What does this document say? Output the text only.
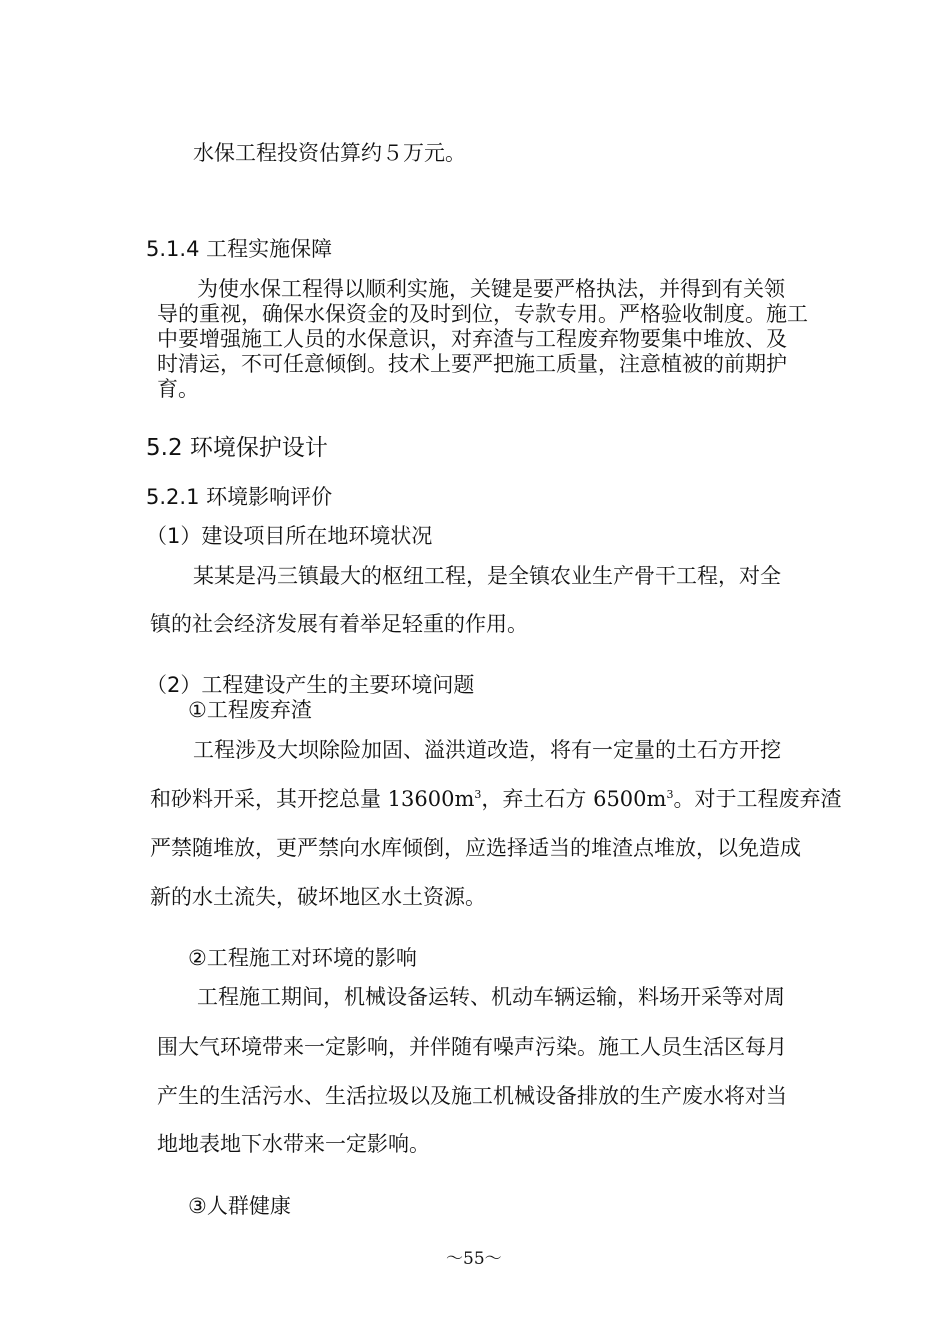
水保工程投资估算约５万元。
5.1.4 工程实施保障
为使水保工程得以顺利实施，关键是要严格执法，并得到有关领
导的重视，确保水保资金的及时到位，专款专用。严格验收制度。施工
中要增强施工人员的水保意识，对弃渣与工程废弃物要集中堆放、及
时清运，不可任意倾倒。技术上要严把施工质量，注意植被的前期护
育。
5.2 环境保护设计
5.2.1 环境影响评价
（1）建设项目所在地环境状况
某某是冯三镇最大的枢纽工程，是全镇农业生产骨干工程，对全
镇的社会经济发展有着举足轻重的作用。
（2）工程建设产生的主要环境问题
①工程废弃渣
工程涉及大坝除险加固、溢洪道改造，将有一定量的土石方开挖
和砂料开采，其开挖总量 $13600m^3$，弃土石方 $6500m^3$。对于工程废弃渣
严禁随堆放，更严禁向水库倾倒，应选择适当的堆渣点堆放，以免造成
新的水土流失，破坏地区水土资源。
②工程施工对环境的影响
工程施工期间，机械设备运转、机动车辆运输，料场开采等对周
围大气环境带来一定影响，并伴随有噪声污染。施工人员生活区每月
产生的生活污水、生活拉圾以及施工机械设备排放的生产废水将对当
地地表地下水带来一定影响。
③人群健康
～55～
